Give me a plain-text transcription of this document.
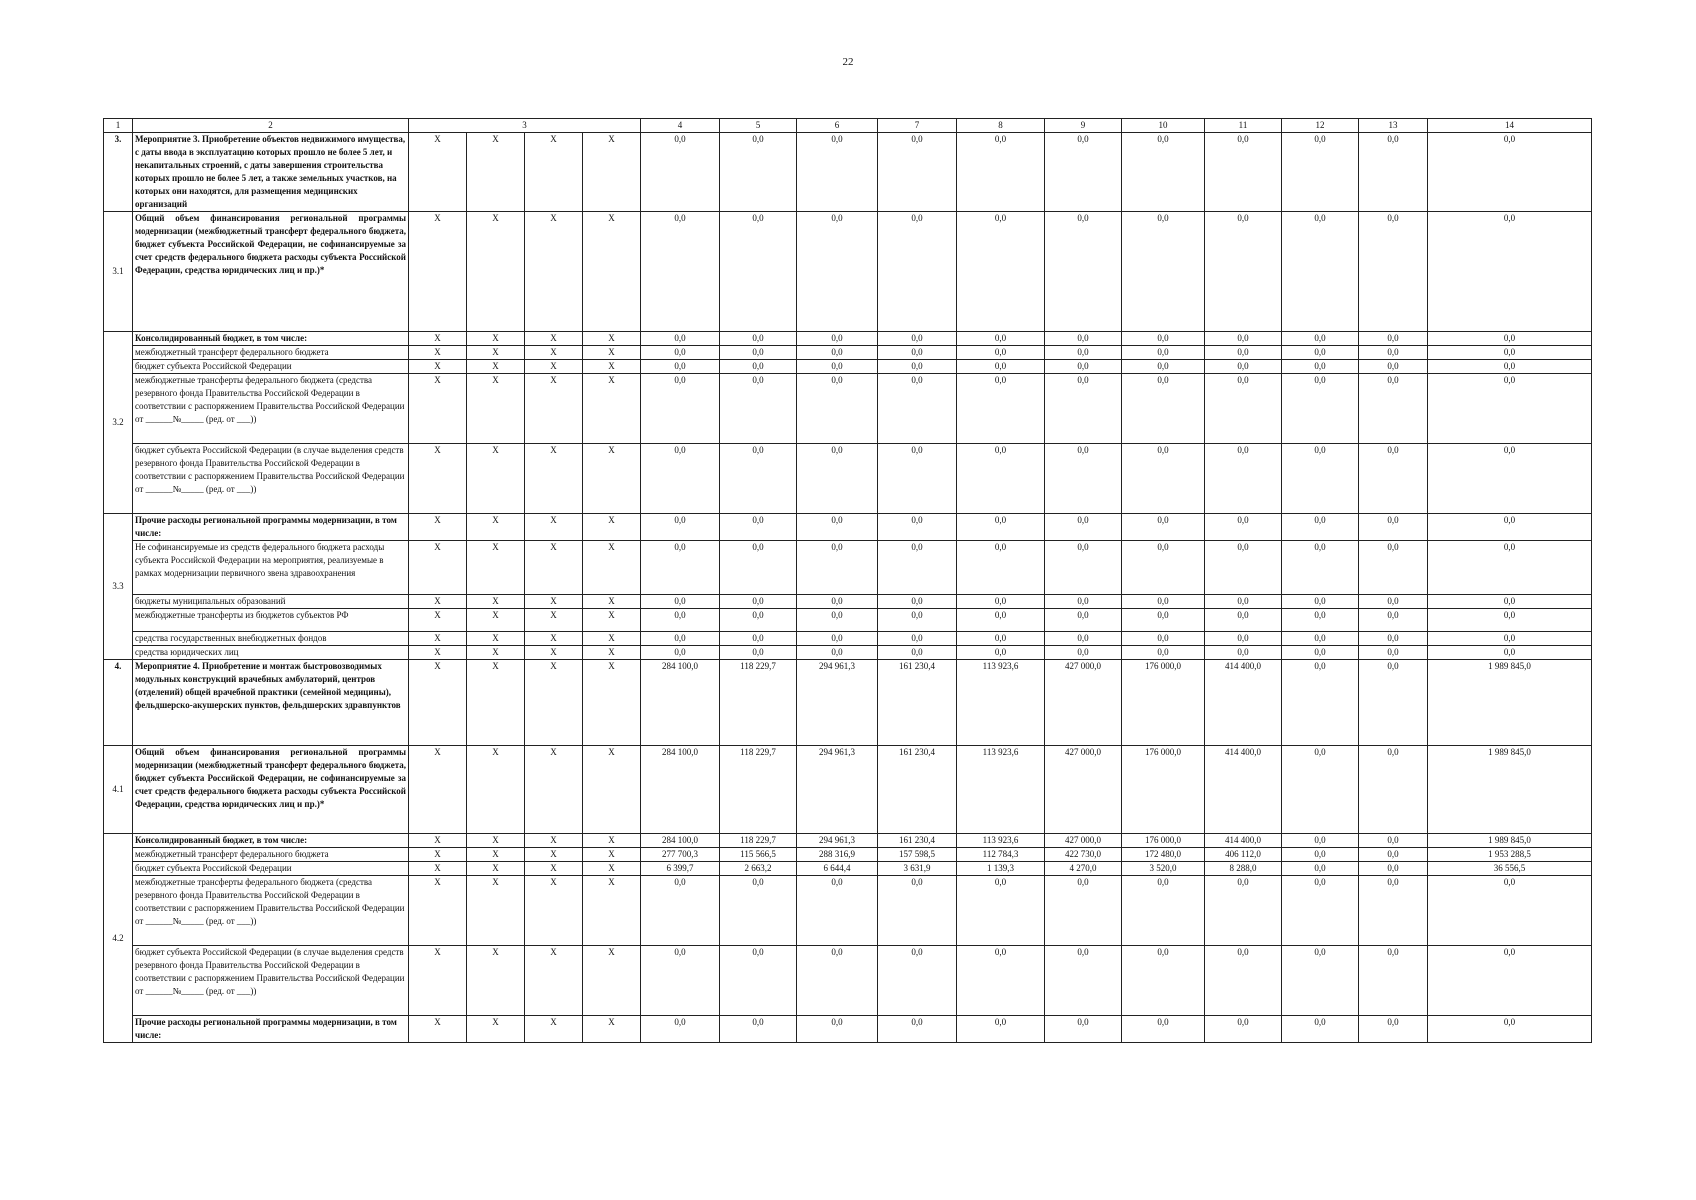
22
1	2	3				4	5	6	7	8	9	10	11	12	13	14
3.	Мероприятие 3. Приобретение объектов недвижимого имущества, с даты ввода в эксплуатацию которых прошло не более 5 лет, и некапитальных строений, с даты завершения строительства которых прошло не более 5 лет, а также земельных участков, на которых они находятся, для размещения медицинских организаций	X	X	X	X	0,0	0,0	0,0	0,0	0,0	0,0	0,0	0,0	0,0	0,0	0,0
3.1	Общий объем финансирования региональной программы модернизации (межбюджетный трансферт федерального бюджета, бюджет субъекта Российской Федерации, не софинансируемые за счет средств федерального бюджета расходы субъекта Российской Федерации, средства юридических лиц и пр.)*	X	X	X	X	0,0	0,0	0,0	0,0	0,0	0,0	0,0	0,0	0,0	0,0	0,0
3.2	Консолидированный бюджет, в том числе:	X	X	X	X	0,0	0,0	0,0	0,0	0,0	0,0	0,0	0,0	0,0	0,0	0,0
	межбюджетный трансферт федерального бюджета	X	X	X	X	0,0	0,0	0,0	0,0	0,0	0,0	0,0	0,0	0,0	0,0	0,0
	бюджет субъекта Российской Федерации	X	X	X	X	0,0	0,0	0,0	0,0	0,0	0,0	0,0	0,0	0,0	0,0	0,0
	межбюджетные трансферты федерального бюджета (средства резервного фонда Правительства Российской Федерации в соответствии с распоряжением Правительства Российской Федерации от ______№_____ (ред. от ___))	X	X	X	X	0,0	0,0	0,0	0,0	0,0	0,0	0,0	0,0	0,0	0,0	0,0
	бюджет субъекта Российской Федерации (в случае выделения средств резервного фонда Правительства Российской Федерации в соответствии с распоряжением Правительства Российской Федерации от ______№_____ (ред. от ___))	X	X	X	X	0,0	0,0	0,0	0,0	0,0	0,0	0,0	0,0	0,0	0,0	0,0
3.3	Прочие расходы региональной программы модернизации, в том числе:	X	X	X	X	0,0	0,0	0,0	0,0	0,0	0,0	0,0	0,0	0,0	0,0	0,0
	Не софинансируемые из средств федерального бюджета расходы субъекта Российской Федерации на мероприятия, реализуемые в рамках модернизации первичного звена здравоохранения	X	X	X	X	0,0	0,0	0,0	0,0	0,0	0,0	0,0	0,0	0,0	0,0	0,0
	бюджеты муниципальных образований	X	X	X	X	0,0	0,0	0,0	0,0	0,0	0,0	0,0	0,0	0,0	0,0	0,0
	межбюджетные трансферты из бюджетов субъектов РФ	X	X	X	X	0,0	0,0	0,0	0,0	0,0	0,0	0,0	0,0	0,0	0,0	0,0
	средства государственных внебюджетных фондов	X	X	X	X	0,0	0,0	0,0	0,0	0,0	0,0	0,0	0,0	0,0	0,0	0,0
	средства юридических лиц	X	X	X	X	0,0	0,0	0,0	0,0	0,0	0,0	0,0	0,0	0,0	0,0	0,0
4.	Мероприятие 4. Приобретение и монтаж быстровозводимых модульных конструкций врачебных амбулаторий, центров (отделений) общей врачебной практики (семейной медицины), фельдшерско-акушерских пунктов, фельдшерских здравпунктов	X	X	X	X	284 100,0	118 229,7	294 961,3	161 230,4	113 923,6	427 000,0	176 000,0	414 400,0	0,0	0,0	1 989 845,0
4.1	Общий объем финансирования региональной программы модернизации (межбюджетный трансферт федерального бюджета, бюджет субъекта Российской Федерации, не софинансируемые за счет средств федерального бюджета расходы субъекта Российской Федерации, средства юридических лиц и пр.)*	X	X	X	X	284 100,0	118 229,7	294 961,3	161 230,4	113 923,6	427 000,0	176 000,0	414 400,0	0,0	0,0	1 989 845,0
4.2	Консолидированный бюджет, в том числе:	X	X	X	X	284 100,0	118 229,7	294 961,3	161 230,4	113 923,6	427 000,0	176 000,0	414 400,0	0,0	0,0	1 989 845,0
	межбюджетный трансферт федерального бюджета	X	X	X	X	277 700,3	115 566,5	288 316,9	157 598,5	112 784,3	422 730,0	172 480,0	406 112,0	0,0	0,0	1 953 288,5
	бюджет субъекта Российской Федерации	X	X	X	X	6 399,7	2 663,2	6 644,4	3 631,9	1 139,3	4 270,0	3 520,0	8 288,0	0,0	0,0	36 556,5
	межбюджетные трансферты федерального бюджета (средства резервного фонда Правительства Российской Федерации в соответствии с распоряжением Правительства Российской Федерации от ______№_____ (ред. от ___))	X	X	X	X	0,0	0,0	0,0	0,0	0,0	0,0	0,0	0,0	0,0	0,0	0,0
	бюджет субъекта Российской Федерации (в случае выделения средств резервного фонда Правительства Российской Федерации в соответствии с распоряжением Правительства Российской Федерации от ______№_____ (ред. от ___))	X	X	X	X	0,0	0,0	0,0	0,0	0,0	0,0	0,0	0,0	0,0	0,0	0,0
	Прочие расходы региональной программы модернизации, в том числе:	X	X	X	X	0,0	0,0	0,0	0,0	0,0	0,0	0,0	0,0	0,0	0,0	0,0
